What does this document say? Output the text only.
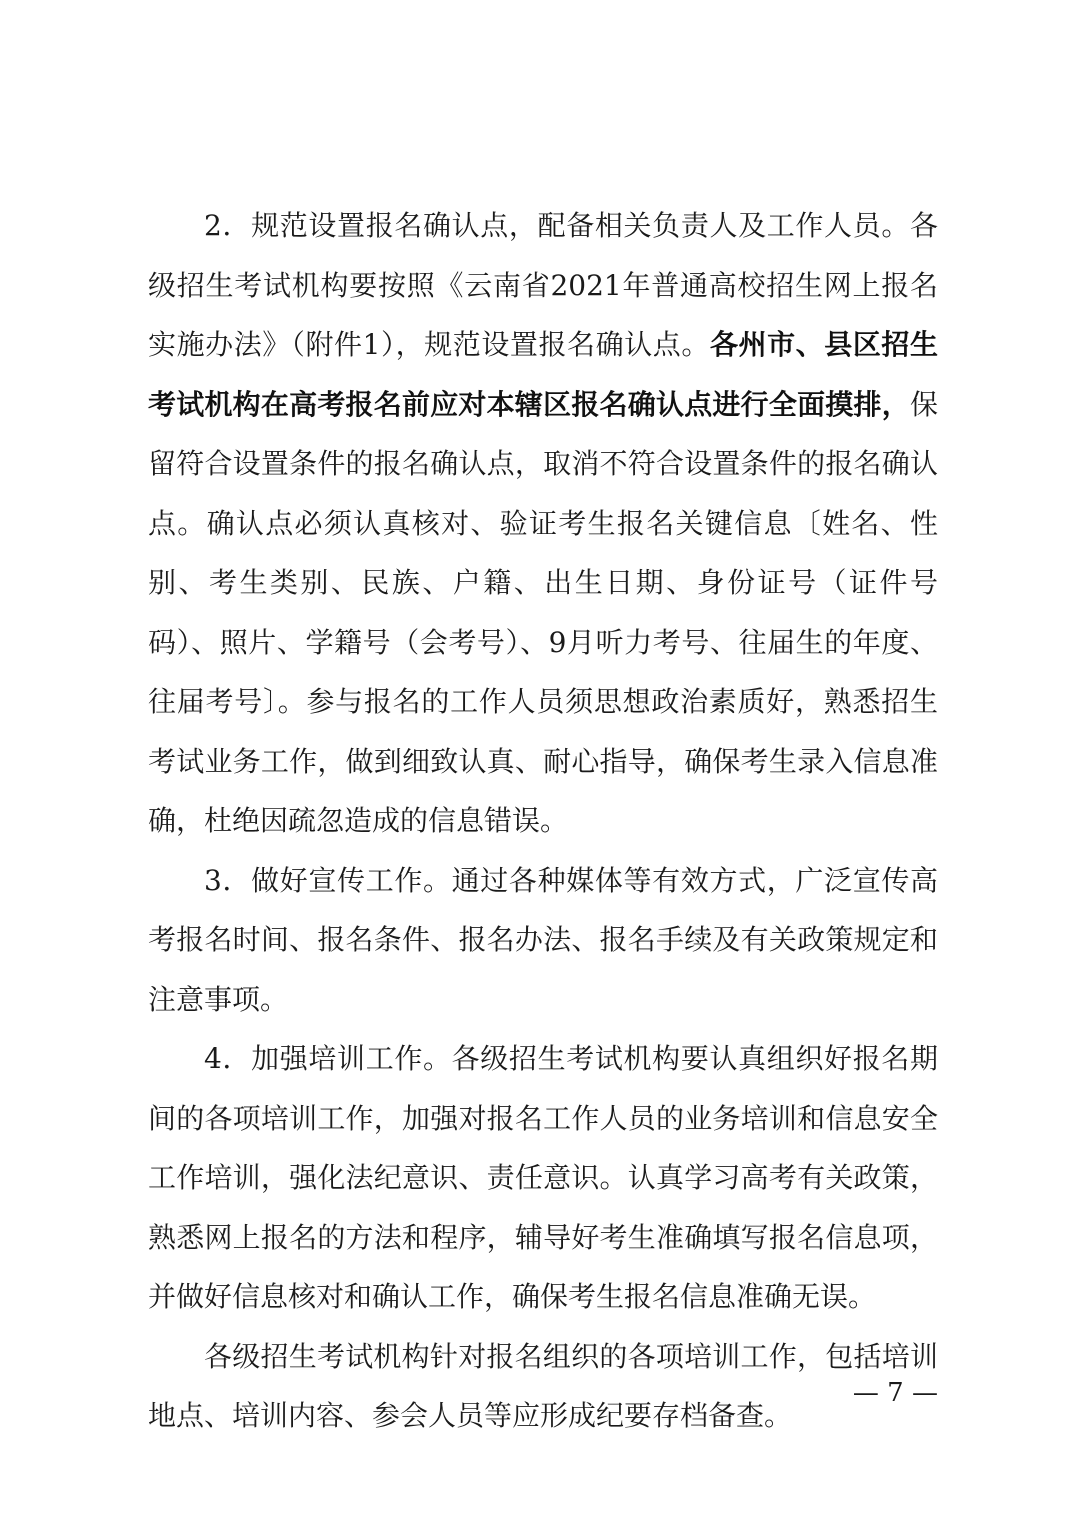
2．规范设置报名确认点，配备相关负责人及工作人员。各级招生考试机构要按照《云南省2021年普通高校招生网上报名实施办法》（附件1），规范设置报名确认点。各州市、县区招生考试机构在高考报名前应对本辖区报名确认点进行全面摸排，保留符合设置条件的报名确认点，取消不符合设置条件的报名确认点。确认点必须认真核对、验证考生报名关键信息〔姓名、性别、考生类别、民族、户籍、出生日期、身份证号（证件号码）、照片、学籍号（会考号）、9月听力考号、往届生的年度、往届考号〕。参与报名的工作人员须思想政治素质好，熟悉招生考试业务工作，做到细致认真、耐心指导，确保考生录入信息准确，杜绝因疏忽造成的信息错误。

3．做好宣传工作。通过各种媒体等有效方式，广泛宣传高考报名时间、报名条件、报名办法、报名手续及有关政策规定和注意事项。

4．加强培训工作。各级招生考试机构要认真组织好报名期间的各项培训工作，加强对报名工作人员的业务培训和信息安全工作培训，强化法纪意识、责任意识。认真学习高考有关政策，熟悉网上报名的方法和程序，辅导好考生准确填写报名信息项，并做好信息核对和确认工作，确保考生报名信息准确无误。

各级招生考试机构针对报名组织的各项培训工作，包括培训地点、培训内容、参会人员等应形成纪要存档备查。

— 7 —
